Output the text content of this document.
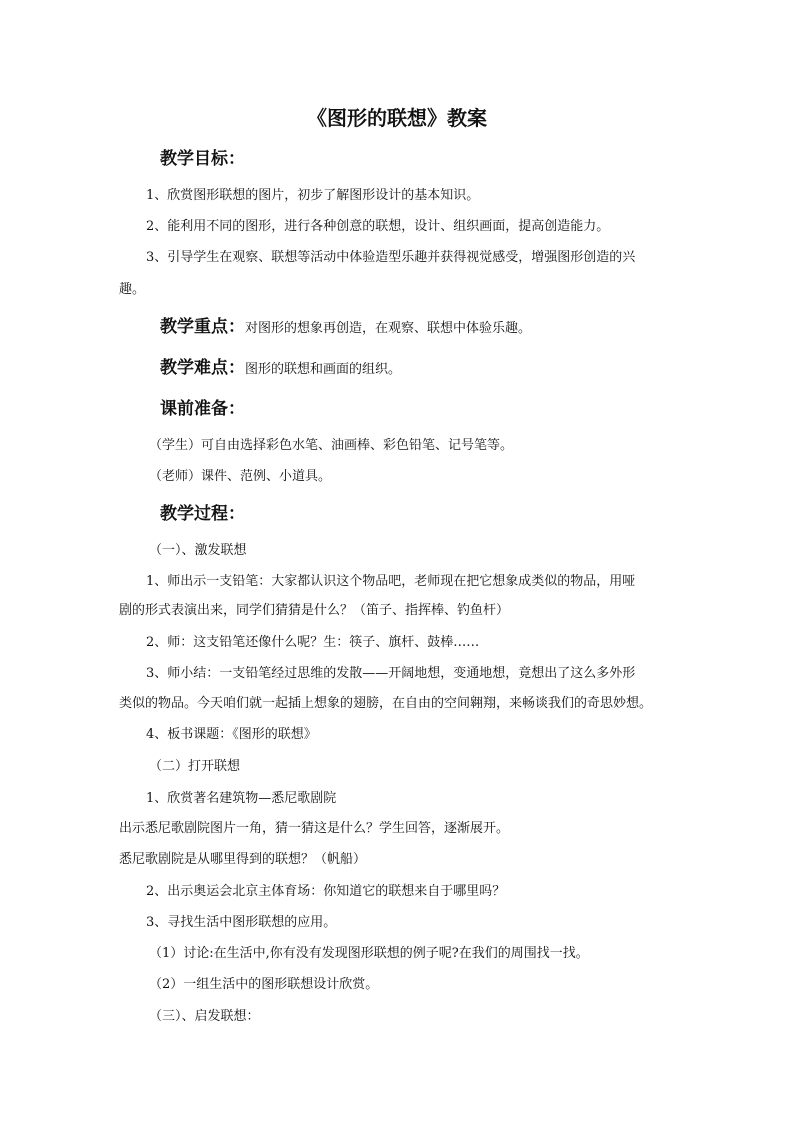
《图形的联想》教案
教学目标：
1、欣赏图形联想的图片，初步了解图形设计的基本知识。
2、能利用不同的图形，进行各种创意的联想，设计、组织画面，提高创造能力。
3、引导学生在观察、联想等活动中体验造型乐趣并获得视觉感受，增强图形创造的兴
趣。
教学重点：对图形的想象再创造，在观察、联想中体验乐趣。
教学难点：图形的联想和画面的组织。
课前准备：
（学生）可自由选择彩色水笔、油画棒、彩色铅笔、记号笔等。
（老师）课件、范例、小道具。
教学过程：
（一）、激发联想
1、师出示一支铅笔：大家都认识这个物品吧，老师现在把它想象成类似的物品，用哑
剧的形式表演出来，同学们猜猜是什么？（笛子、指挥棒、钓鱼杆）
2、师：这支铅笔还像什么呢？生：筷子、旗杆、鼓棒……
3、师小结：一支铅笔经过思维的发散——开阔地想，变通地想，竟想出了这么多外形
类似的物品。今天咱们就一起插上想象的翅膀，在自由的空间翱翔，来畅谈我们的奇思妙想。
4、板书课题：《图形的联想》
（二）打开联想
1、欣赏著名建筑物—悉尼歌剧院
出示悉尼歌剧院图片一角，猜一猜这是什么？学生回答，逐渐展开。
悉尼歌剧院是从哪里得到的联想？（帆船）
2、出示奥运会北京主体育场：你知道它的联想来自于哪里吗？
3、寻找生活中图形联想的应用。
（1）讨论:在生活中,你有没有发现图形联想的例子呢?在我们的周围找一找。
（2）一组生活中的图形联想设计欣赏。
（三）、启发联想：
